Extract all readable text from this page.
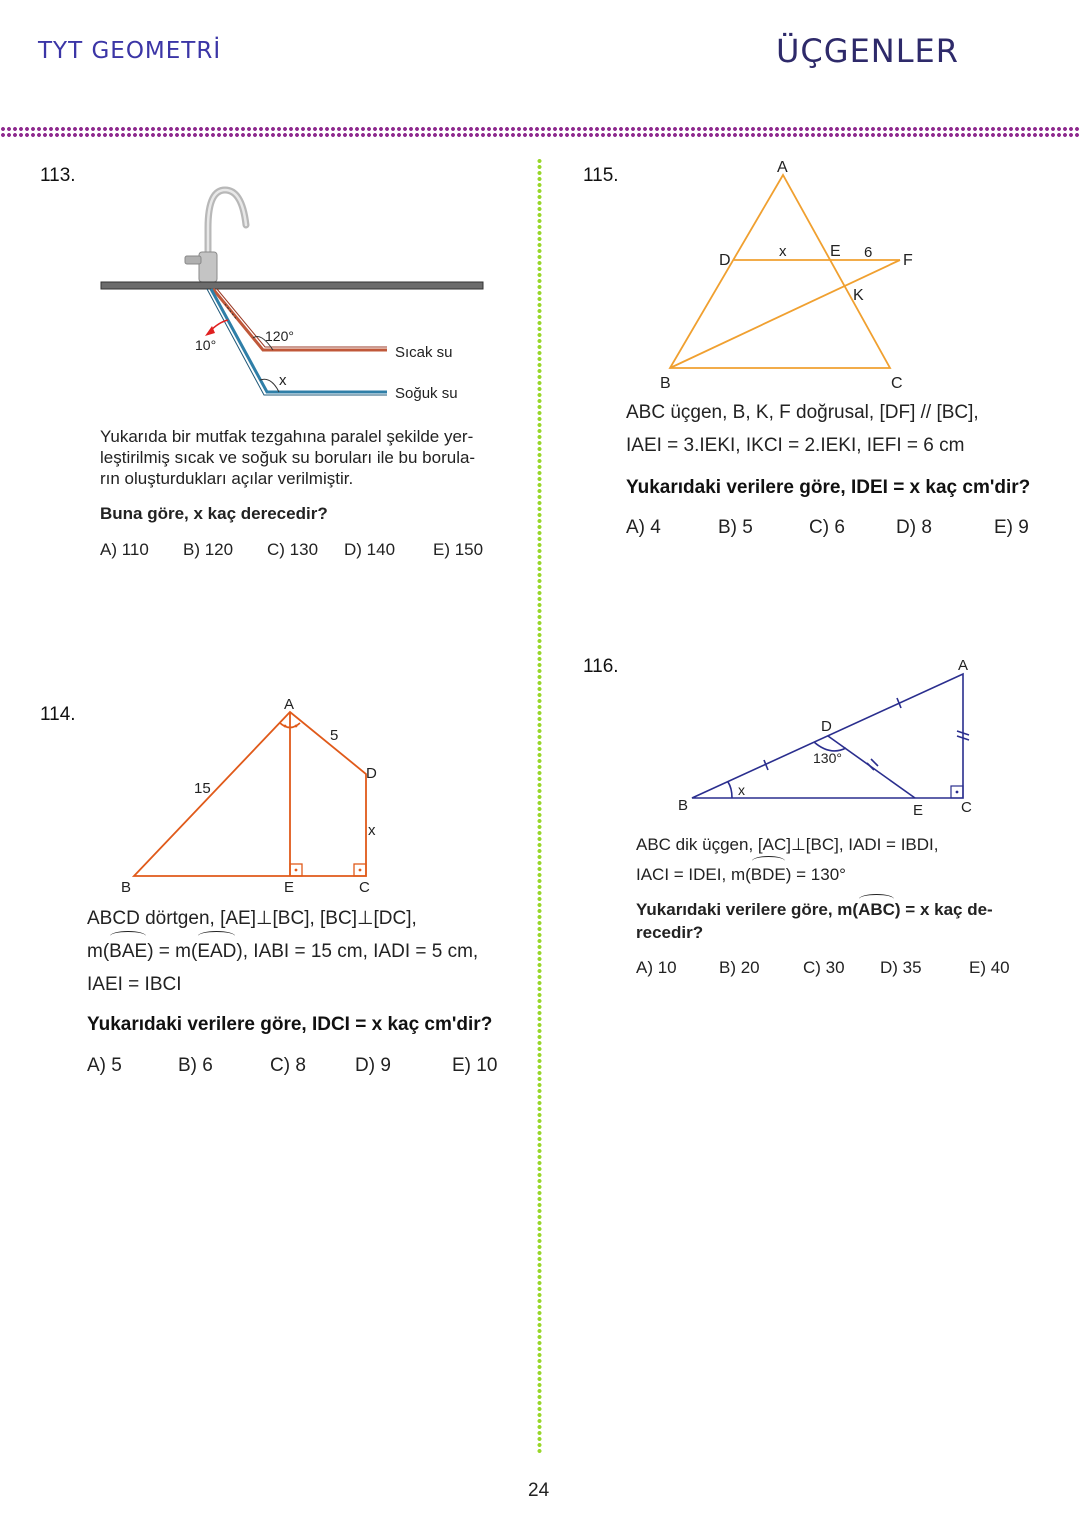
TYT GEOMETRİ	ÜÇGENLER
113.
10°
120°
x
Sıcak su
Soğuk su
Yukarıda bir mutfak tezgahına paralel şekilde yer-
leştirilmiş sıcak ve soğuk su boruları ile bu borula-
rın oluşturdukları açılar verilmiştir.
Buna göre, x kaç derecedir?
A) 110 B) 120 C) 130 D) 140 E) 150
114.	A
B	E	C
D
15
5
x
ABCD dörtgen, [AE]⊥[BC], [BC]⊥[DC],
m(BAE) = m(EAD), IABI = 15 cm, IADI = 5 cm,
IAEI = IBCI
Yukarıdaki verilere göre, IDCI = x kaç cm'dir?
A) 5	B) 6	C) 8	D) 9	E) 10
115.	A
D
x	E 6 F
K
B	C
ABC üçgen, B, K, F doğrusal, [DF] // [BC],
IAEI = 3.IEKI, IKCI = 2.IEKI, IEFI = 6 cm
Yukarıdaki verilere göre, IDEI = x kaç cm'dir?
A) 4	B) 5	C) 6	D) 8	E) 9
116.	A
D
130°
x
B	E	C
ABC dik üçgen, [AC]⊥[BC], IADI = IBDI,
IACI = IDEI, m(BDE) = 130°
Yukarıdaki verilere göre, m(ABC) = x kaç de-
recedir?
A) 10 B) 20	C) 30 D) 35	E) 40
24
